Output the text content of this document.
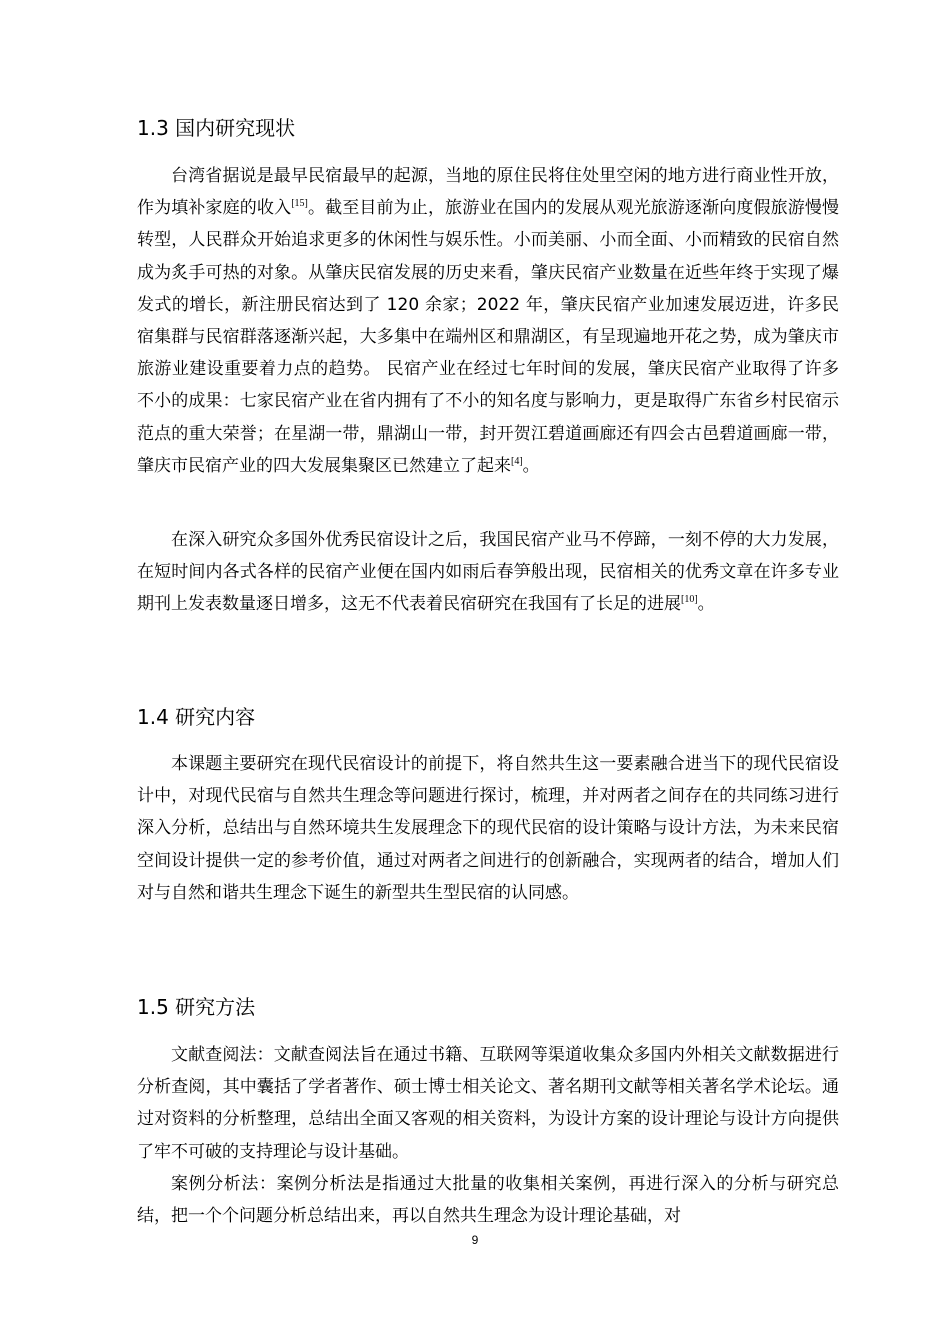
1.3 国内研究现状

台湾省据说是最早民宿最早的起源，当地的原住民将住处里空闲的地方进行商业性开放，作为填补家庭的收入[15]。截至目前为止，旅游业在国内的发展从观光旅游逐渐向度假旅游慢慢转型，人民群众开始追求更多的休闲性与娱乐性。小而美丽、小而全面、小而精致的民宿自然成为炙手可热的对象。从肇庆民宿发展的历史来看，肇庆民宿产业数量在近些年终于实现了爆发式的增长，新注册民宿达到了 120 余家；2022 年，肇庆民宿产业加速发展迈进，许多民宿集群与民宿群落逐渐兴起，大多集中在端州区和鼎湖区，有呈现遍地开花之势，成为肇庆市旅游业建设重要着力点的趋势。 民宿产业在经过七年时间的发展，肇庆民宿产业取得了许多不小的成果：七家民宿产业在省内拥有了不小的知名度与影响力，更是取得广东省乡村民宿示范点的重大荣誉；在星湖一带，鼎湖山一带，封开贺江碧道画廊还有四会古邑碧道画廊一带，肇庆市民宿产业的四大发展集聚区已然建立了起来[4]。

在深入研究众多国外优秀民宿设计之后，我国民宿产业马不停蹄，一刻不停的大力发展，在短时间内各式各样的民宿产业便在国内如雨后春笋般出现，民宿相关的优秀文章在许多专业期刊上发表数量逐日增多，这无不代表着民宿研究在我国有了长足的进展[10]。

1.4 研究内容

本课题主要研究在现代民宿设计的前提下，将自然共生这一要素融合进当下的现代民宿设计中，对现代民宿与自然共生理念等问题进行探讨，梳理，并对两者之间存在的共同练习进行深入分析，总结出与自然环境共生发展理念下的现代民宿的设计策略与设计方法，为未来民宿空间设计提供一定的参考价值，通过对两者之间进行的创新融合，实现两者的结合，增加人们对与自然和谐共生理念下诞生的新型共生型民宿的认同感。

1.5 研究方法

文献查阅法：文献查阅法旨在通过书籍、互联网等渠道收集众多国内外相关文献数据进行分析查阅，其中囊括了学者著作、硕士博士相关论文、著名期刊文献等相关著名学术论坛。通过对资料的分析整理，总结出全面又客观的相关资料，为设计方案的设计理论与设计方向提供了牢不可破的支持理论与设计基础。

案例分析法：案例分析法是指通过大批量的收集相关案例，再进行深入的分析与研究总结，把一个个问题分析总结出来，再以自然共生理念为设计理论基础，对

9
